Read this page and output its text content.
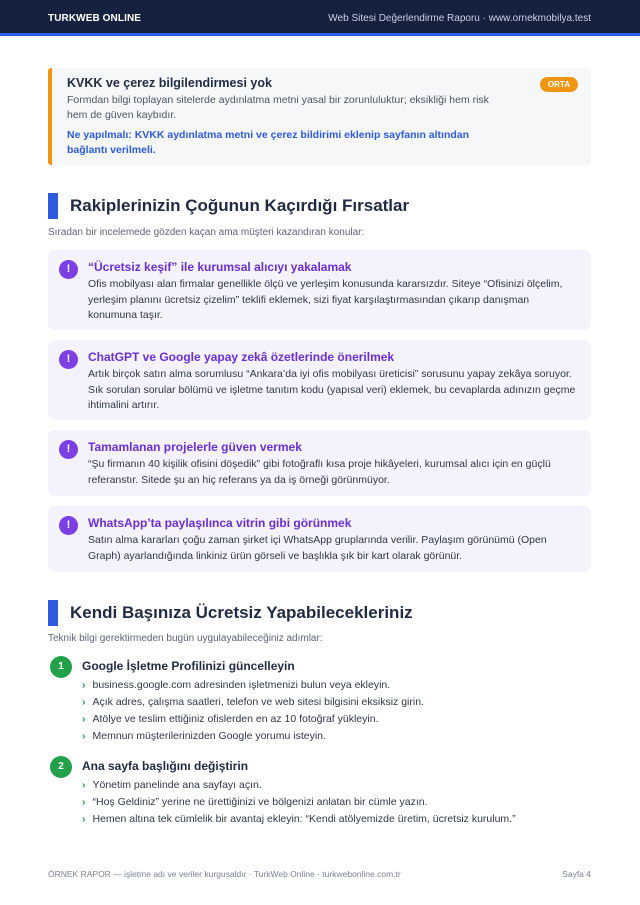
TURKWEB ONLINE	Web Sitesi Değerlendirme Raporu · www.ornekmobilya.test
KVKK ve çerez bilgilendirmesi yok

Formdan bilgi toplayan sitelerde aydınlatma metni yasal bir zorunluluktur; eksikliği hem risk hem de güven kaybıdır.

Ne yapılmalı: KVKK aydınlatma metni ve çerez bildirimi eklenip sayfanın altından bağlantı verilmeli.

ORTA
Rakiplerinizin Çoğunun Kaçırdığı Fırsatlar
Sıradan bir incelemede gözden kaçan ama müşteri kazandıran konular:
!	“Ücretsiz keşif” ile kurumsal alıcıyı yakalamak

Ofis mobilyası alan firmalar genellikle ölçü ve yerleşim konusunda kararsızdır. Siteye “Ofisinizi ölçelim, yerleşim planını ücretsiz çizelim” teklifi eklemek, sizi fiyat karşılaştırmasından çıkarıp danışman konumuna taşır.

!	ChatGPT ve Google yapay zekâ özetlerinde önerilmek

Artık birçok satın alma sorumlusu “Ankara’da iyi ofis mobilyası üreticisi” sorusunu yapay zekâya soruyor. Sık sorulan sorular bölümü ve işletme tanıtım kodu (yapısal veri) eklemek, bu cevaplarda adınızın geçme ihtimalini artırır.

!	Tamamlanan projelerle güven vermek

“Şu firmanın 40 kişilik ofisini döşedik” gibi fotoğraflı kısa proje hikâyeleri, kurumsal alıcı için en güçlü referanstır. Sitede şu an hiç referans ya da iş örneği görünmüyor.

!	WhatsApp’ta paylaşılınca vitrin gibi görünmek

Satın alma kararları çoğu zaman şirket içi WhatsApp gruplarında verilir. Paylaşım görünümü (Open Graph) ayarlandığında linkiniz ürün görseli ve başlıkla şık bir kart olarak görünür.

Kendi Başınıza Ücretsiz Yapabilecekleriniz
Teknik bilgi gerektirmeden bugün uygulayabileceğiniz adımlar:
1	Google İşletme Profilinizi güncelleyin
› business.google.com adresinden işletmenizi bulun veya ekleyin.
› Açık adres, çalışma saatleri, telefon ve web sitesi bilgisini eksiksiz girin.
› Atölye ve teslim ettiğiniz ofislerden en az 10 fotoğraf yükleyin.
› Memnun müşterilerinizden Google yorumu isteyin.
2	Ana sayfa başlığını değiştirin
› Yönetim panelinde ana sayfayı açın.
› “Hoş Geldiniz” yerine ne ürettiğinizi ve bölgenizi anlatan bir cümle yazın.
› Hemen altına tek cümlelik bir avantaj ekleyin: “Kendi atölyemizde üretim, ücretsiz kurulum.”
ÖRNEK RAPOR — işletme adı ve veriler kurgusaldır · TurkWeb Online · turkwebonline.com.tr	Sayfa 4
